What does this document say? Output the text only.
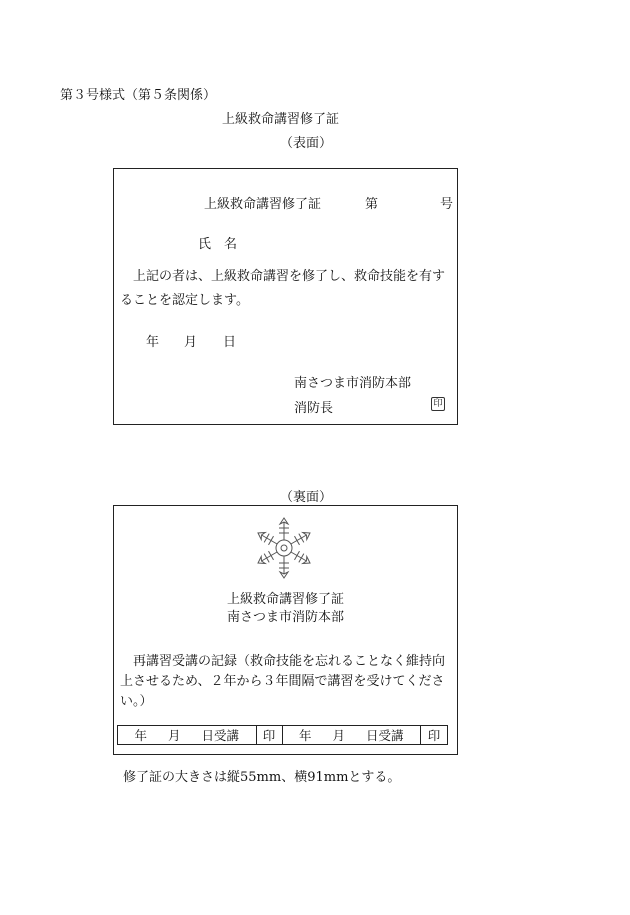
第３号様式（第５条関係）
上級救命講習修了証
（表面）
上級救命講習修了証	第	号
氏　名
上記の者は、上級救命講習を修了し、救命技能を有することを認定します。
年 月 日
南さつま市消防本部
消防長	印
（裏面）
上級救命講習修了証
南さつま市消防本部
再講習受講の記録（救命技能を忘れることなく維持向上させるため、２年から３年間隔で講習を受けてください。）
年 月 日受講	印	年 月 日受講	印
修了証の大きさは縦55mm、横91mmとする。
